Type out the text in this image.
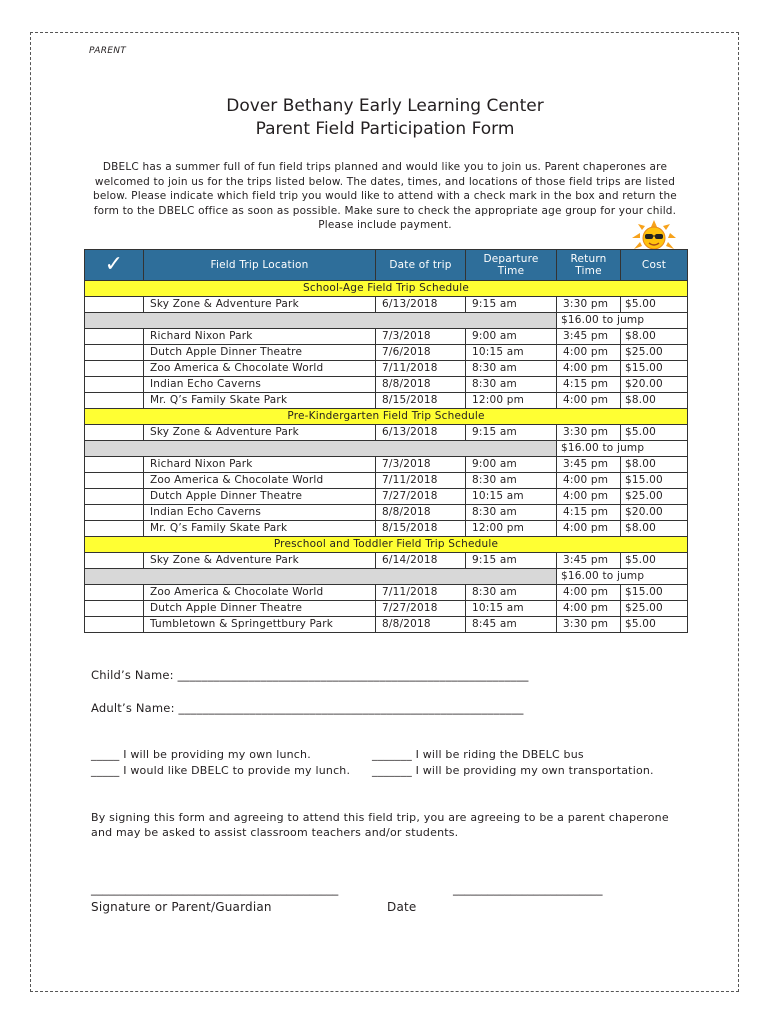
PARENT
Dover Bethany Early Learning Center
Parent Field Participation Form
DBELC has a summer full of fun field trips planned and would like you to join us. Parent chaperones are welcomed to join us for the trips listed below. The dates, times, and locations of those field trips are listed below. Please indicate which field trip you would like to attend with a check mark in the box and return the form to the DBELC office as soon as possible. Make sure to check the appropriate age group for your child. Please include payment.
✓	Field Trip Location	Date of trip	Departure Time	Return Time	Cost
School-Age Field Trip Schedule					
	Sky Zone & Adventure Park	6/13/2018	9:15 am	3:30 pm	$5.00
				$16.00 to jump	
	Richard Nixon Park	7/3/2018	9:00 am	3:45 pm	$8.00
	Dutch Apple Dinner Theatre	7/6/2018	10:15 am	4:00 pm	$25.00
	Zoo America & Chocolate World	7/11/2018	8:30 am	4:00 pm	$15.00
	Indian Echo Caverns	8/8/2018	8:30 am	4:15 pm	$20.00
	Mr. Q’s Family Skate Park	8/15/2018	12:00 pm	4:00 pm	$8.00
Pre-Kindergarten Field Trip Schedule					
	Sky Zone & Adventure Park	6/13/2018	9:15 am	3:30 pm	$5.00
				$16.00 to jump	
	Richard Nixon Park	7/3/2018	9:00 am	3:45 pm	$8.00
	Zoo America & Chocolate World	7/11/2018	8:30 am	4:00 pm	$15.00
	Dutch Apple Dinner Theatre	7/27/2018	10:15 am	4:00 pm	$25.00
	Indian Echo Caverns	8/8/2018	8:30 am	4:15 pm	$20.00
	Mr. Q’s Family Skate Park	8/15/2018	12:00 pm	4:00 pm	$8.00
Preschool and Toddler Field Trip Schedule					
	Sky Zone & Adventure Park	6/14/2018	9:15 am	3:45 pm	$5.00
				$16.00 to jump	
	Zoo America & Chocolate World	7/11/2018	8:30 am	4:00 pm	$15.00
	Dutch Apple Dinner Theatre	7/27/2018	10:15 am	4:00 pm	$25.00
	Tumbletown & Springettbury Park	8/8/2018	8:45 am	3:30 pm	$5.00
Child’s Name: ___________________________________________________________
Adult’s Name: __________________________________________________________
_____ I will be providing my own lunch.
_____ I would like DBELC to provide my lunch.
_______ I will be riding the DBELC bus
_______ I will be providing my own transportation.
By signing this form and agreeing to attend this field trip, you are agreeing to be a parent chaperone and may be asked to assist classroom teachers and/or students.
___________________________________________	__________________________
Signature or Parent/Guardian	Date
